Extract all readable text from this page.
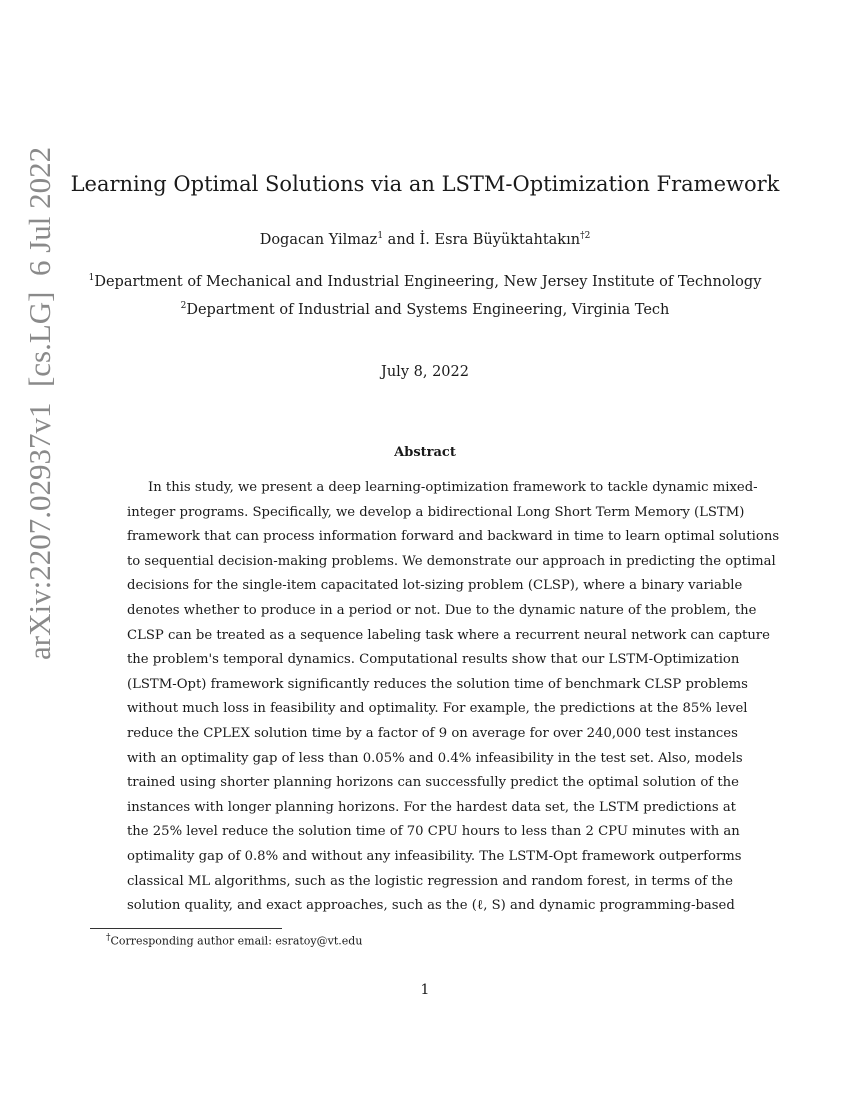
arXiv:2207.02937v1  [cs.LG]  6 Jul 2022 Learning Optimal Solutions via an LSTM-Optimization Framework
Dogacan Yilmaz$^1$ and İ. Esra Büyüktahtakın$^{\dagger 2}$
$^1$Department of Mechanical and Industrial Engineering, New Jersey Institute of Technology
$^2$Department of Industrial and Systems Engineering, Virginia Tech
July 8, 2022
Abstract
In this study, we present a deep learning-optimization framework to tackle dynamic mixed-
integer programs. Specifically, we develop a bidirectional Long Short Term Memory (LSTM)
framework that can process information forward and backward in time to learn optimal solutions
to sequential decision-making problems. We demonstrate our approach in predicting the optimal
decisions for the single-item capacitated lot-sizing problem (CLSP), where a binary variable
denotes whether to produce in a period or not. Due to the dynamic nature of the problem, the
CLSP can be treated as a sequence labeling task where a recurrent neural network can capture
the problem's temporal dynamics. Computational results show that our LSTM-Optimization
(LSTM-Opt) framework significantly reduces the solution time of benchmark CLSP problems
without much loss in feasibility and optimality. For example, the predictions at the 85% level
reduce the CPLEX solution time by a factor of 9 on average for over 240,000 test instances
with an optimality gap of less than 0.05% and 0.4% infeasibility in the test set. Also, models
trained using shorter planning horizons can successfully predict the optimal solution of the
instances with longer planning horizons. For the hardest data set, the LSTM predictions at
the 25% level reduce the solution time of 70 CPU hours to less than 2 CPU minutes with an
optimality gap of 0.8% and without any infeasibility. The LSTM-Opt framework outperforms
classical ML algorithms, such as the logistic regression and random forest, in terms of the
solution quality, and exact approaches, such as the (ℓ, S) and dynamic programming-based
†Corresponding author email: esratoy@vt.edu
1
